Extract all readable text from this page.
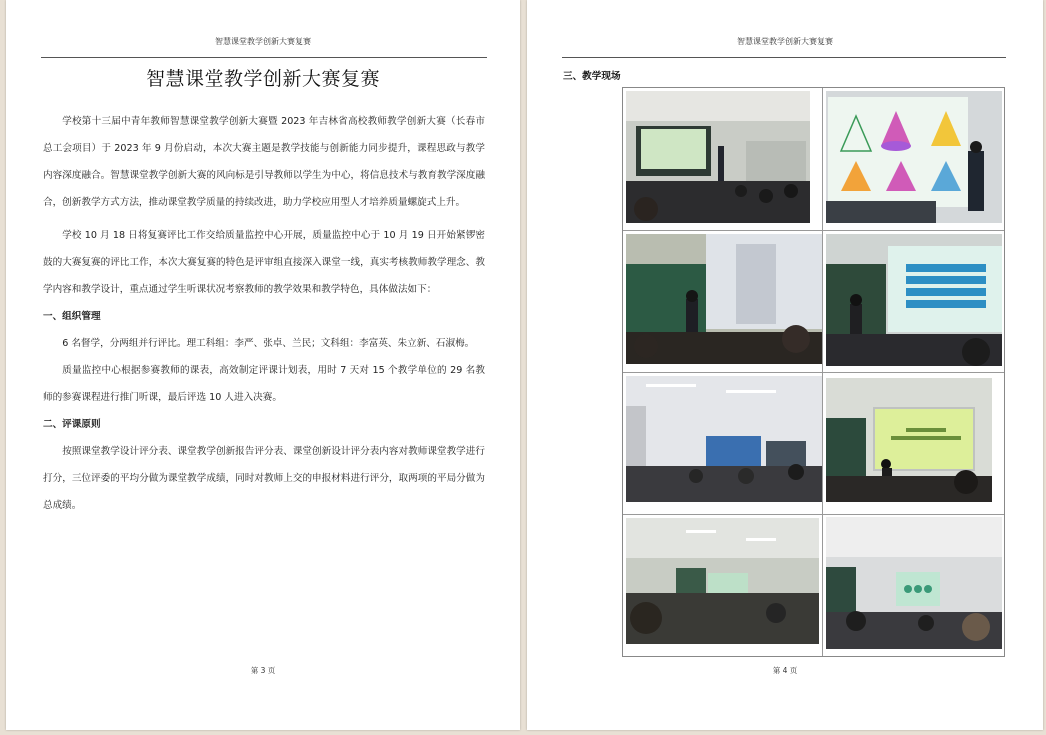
智慧课堂教学创新大赛复赛
智慧课堂教学创新大赛复赛

学校第十三届中青年教师智慧课堂教学创新大赛暨 2023 年吉林省高校教师教学创新大赛（长春市总工会项目）于 2023 年 9 月份启动，本次大赛主题是教学技能与创新能力同步提升，课程思政与教学内容深度融合。智慧课堂教学创新大赛的风向标是引导教师以学生为中心，将信息技术与教育教学深度融合，创新教学方式方法，推动课堂教学质量的持续改进，助力学校应用型人才培养质量螺旋式上升。

学校 10 月 18 日将复赛评比工作交给质量监控中心开展，质量监控中心于 10 月 19 日开始紧锣密鼓的大赛复赛的评比工作，本次大赛复赛的特色是评审组直接深入课堂一线，真实考核教师教学理念、教学内容和教学设计，重点通过学生听课状况考察教师的教学效果和教学特色，具体做法如下：

一、组织管理

6 名督学，分两组并行评比。理工科组：李严、张卓、兰民；文科组：李富英、朱立新、石淑梅。

质量监控中心根据参赛教师的课表，高效制定评课计划表，用时 7 天对 15 个教学单位的 29 名教师的参赛课程进行推门听课，最后评选 10 人进入决赛。

二、评课原则

按照课堂教学设计评分表、课堂教学创新报告评分表、课堂创新设计评分表内容对教师课堂教学进行打分，三位评委的平均分做为课堂教学成绩，同时对教师上交的申报材料进行评分，取两项的平局分做为总成绩。

第 3 页
智慧课堂教学创新大赛复赛
三、教学现场
第 4 页
